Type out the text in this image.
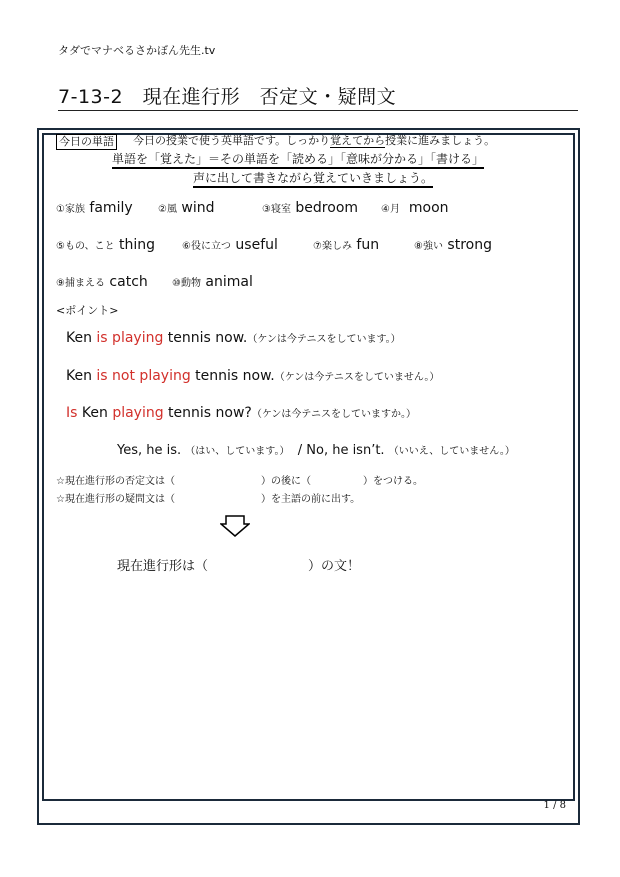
タダでマナベるさかぼん先生.tv
7-13-2　現在進行形　否定文・疑問文
今日の単語 今日の授業で使う英単語です。しっかり覚えてから授業に進みましょう。
単語を「覚えた」＝その単語を「読める」「意味が分かる」「書ける」
声に出して書きながら覚えていきましょう。
①家族 family	②風 wind	③寝室 bedroom ④月 moon
⑤もの、こと thing	⑥役に立つ useful	⑦楽しみ fun	⑧強い strong
⑨捕まえる catch ⑩動物 animal
<ポイント>
Ken is playing tennis now.（ケンは今テニスをしています。）
Ken is not playing tennis now.（ケンは今テニスをしていません。）
Is Ken playing tennis now?（ケンは今テニスをしていますか。）
Yes, he is. （はい、しています。） / No, he isn’t. （いいえ、していません。）
☆現在進行形の否定文は（	）の後に（	）をつける。
☆現在進行形の疑問文は（	）を主語の前に出す。
現在進行形は（	）の文！
1 / 8
